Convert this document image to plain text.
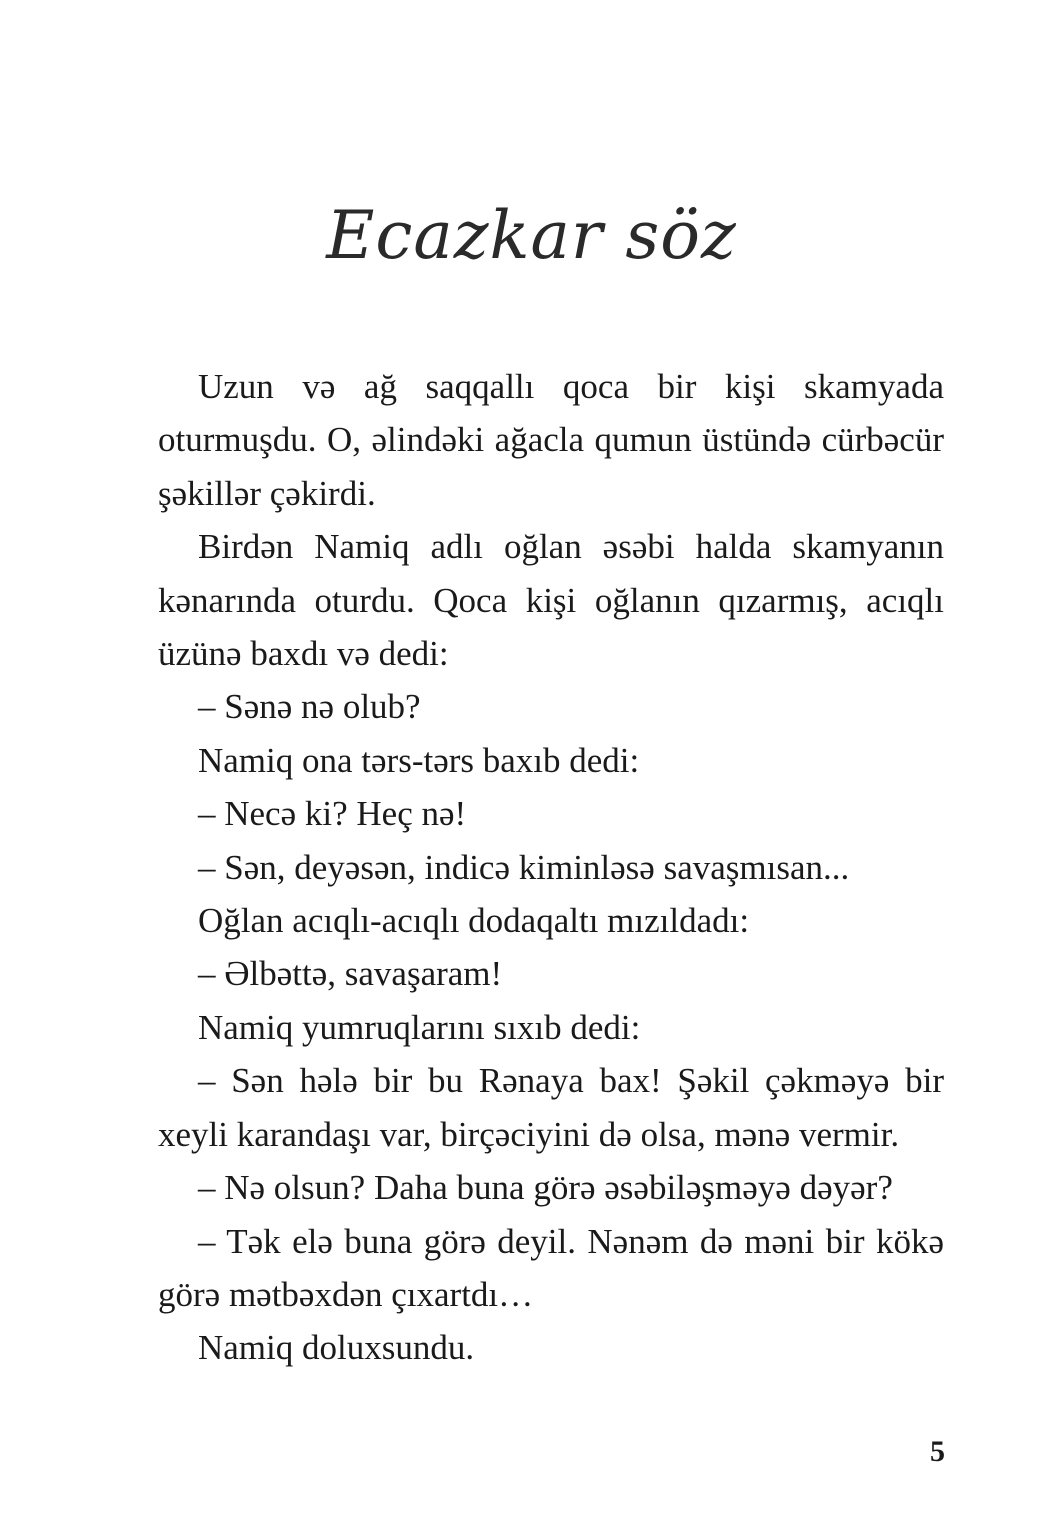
Ecazkar söz

Uzun və ağ saqqallı qoca bir kişi skamyada oturmuşdu. O, əlindəki ağacla qumun üstündə cürbəcür şəkillər çəkirdi.

Birdən Namiq adlı oğlan əsəbi halda skamyanın kənarında oturdu. Qoca kişi oğlanın qızarmış, acıqlı üzünə baxdı və dedi:

– Sənə nə olub?

Namiq ona tərs-tərs baxıb dedi:

– Necə ki? Heç nə!

– Sən, deyəsən, indicə kiminləsə savaşmısan...

Oğlan acıqlı-acıqlı dodaqaltı mızıldadı:

– Əlbəttə, savaşaram!

Namiq yumruqlarını sıxıb dedi:

– Sən hələ bir bu Rənaya bax! Şəkil çəkməyə bir xeyli karandaşı var, birçəciyini də olsa, mənə vermir.

– Nə olsun? Daha buna görə əsəbiləşməyə dəyər?

– Tək elə buna görə deyil. Nənəm də məni bir kökə görə mətbəxdən çıxartdı…

Namiq doluxsundu.

5
